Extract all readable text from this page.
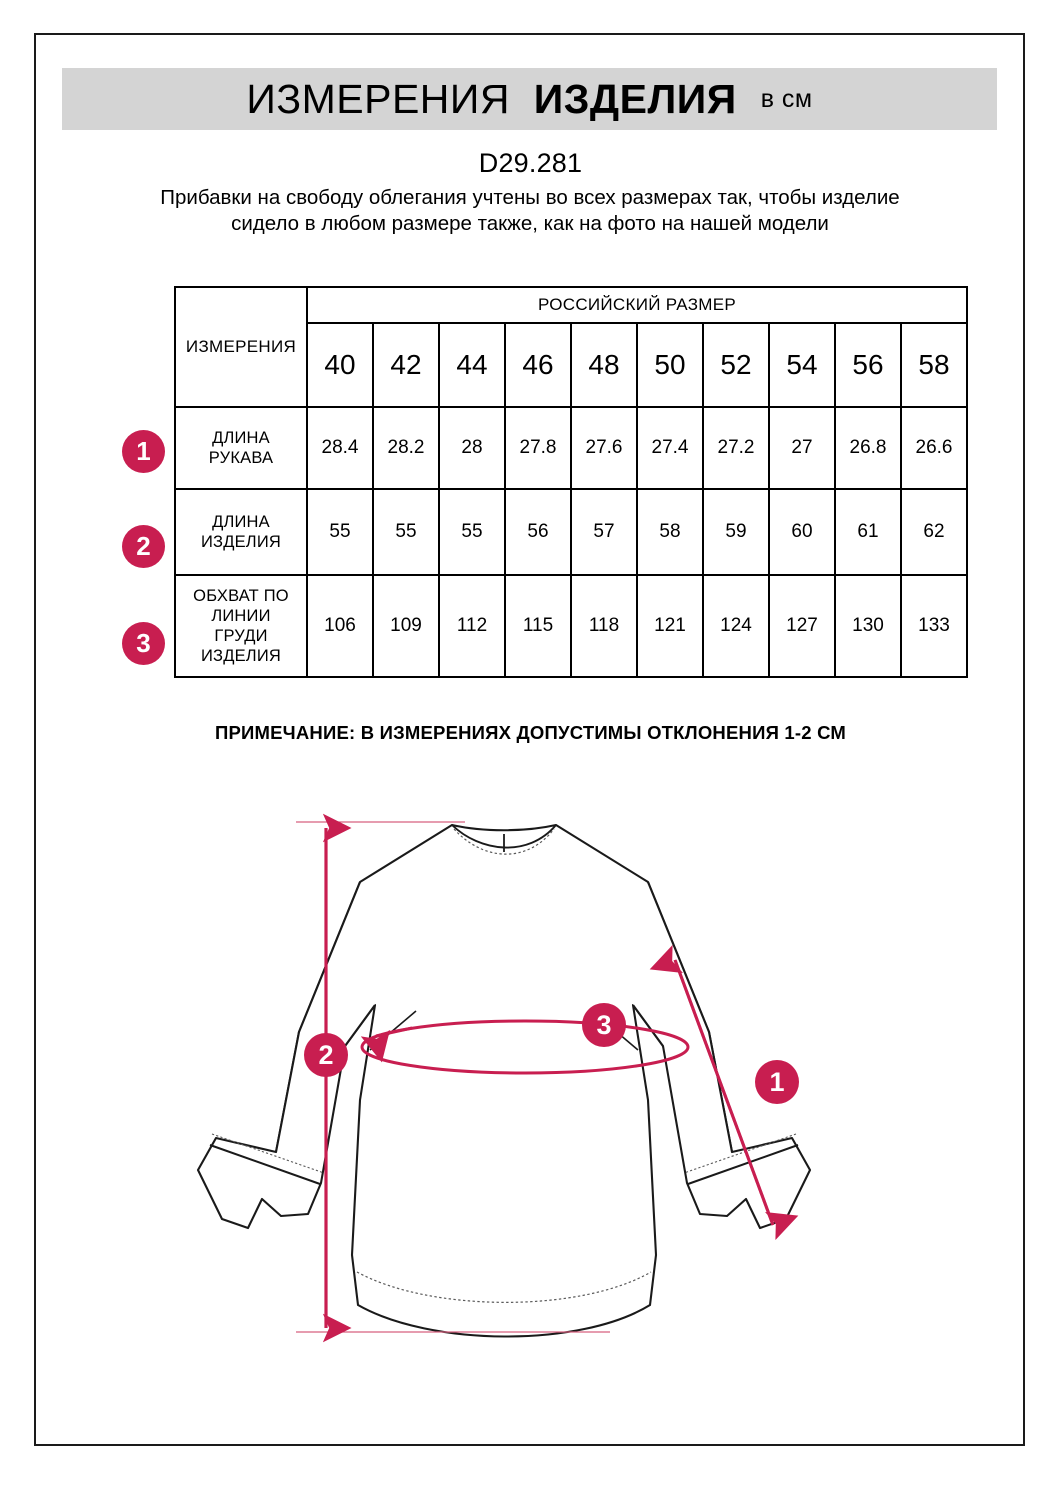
ИЗМЕРЕНИЯ
ИЗДЕЛИЯ в см
D29.281
Прибавки на свободу облегания учтены во всех размерах так, чтобы изделие сидело в любом размере также, как на фото на нашей модели
ИЗМЕРЕНИЯ	РОССИЙСКИЙ РАЗМЕР									
	40	42	44	46	48	50	52	54	56	58

ДЛИНА
РУКАВА	28.4	28.2	28	27.8	27.6	27.4	27.2	27	26.8	26.6

ДЛИНА
ИЗДЕЛИЯ	55	55	55	56	57	58	59	60	61	62

ОБХВАТ ПО
ЛИНИИ
ГРУДИ
ИЗДЕЛИЯ	106	109	112	115	118	121	124	127	130	133
1
2
3
ПРИМЕЧАНИЕ: В ИЗМЕРЕНИЯХ ДОПУСТИМЫ ОТКЛОНЕНИЯ 1-2 СМ
2
1
3
